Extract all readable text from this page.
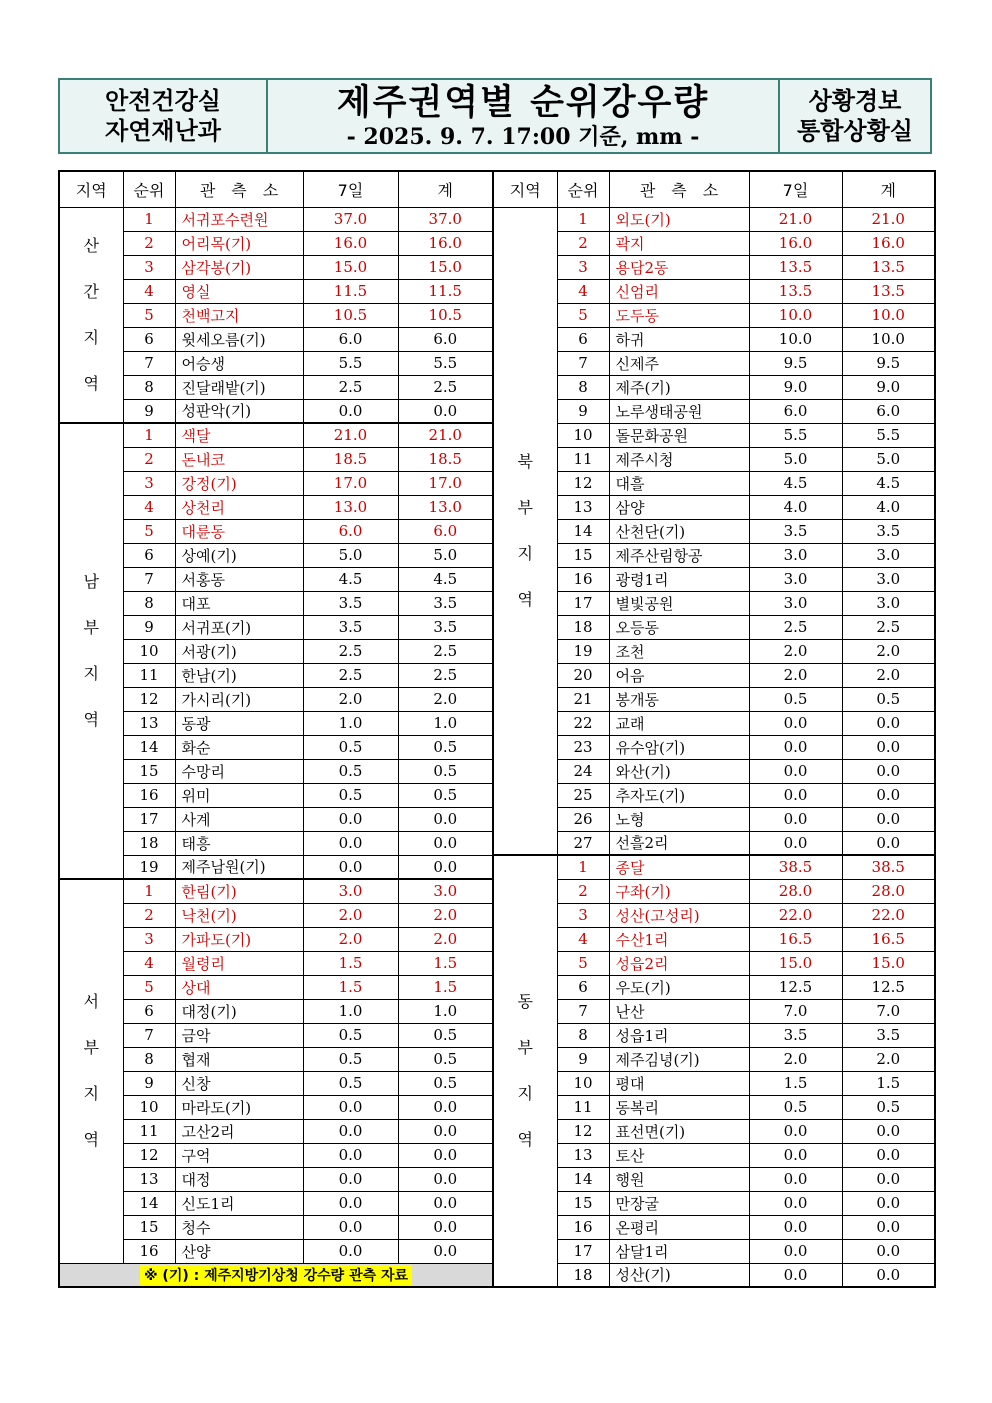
안전건강실
자연재난과
제주권역별 순위강우량
- 2025. 9. 7. 17:00 기준, mm -
상황경보
통합상황실
지역	순위	관　측　소	7일	계

산
간
지
역	1	서귀포수련원	37.0	37.0
	2	어리목(기)	16.0	16.0
	3	삼각봉(기)	15.0	15.0
	4	영실	11.5	11.5
	5	천백고지	10.5	10.5
	6	윗세오름(기)	6.0	6.0
	7	어승생	5.5	5.5
	8	진달래밭(기)	2.5	2.5
	9	성판악(기)	0.0	0.0

남
부
지
역	1	색달	21.0	21.0
	2	돈내코	18.5	18.5
	3	강정(기)	17.0	17.0
	4	상천리	13.0	13.0
	5	대륜동	6.0	6.0
	6	상예(기)	5.0	5.0
	7	서홍동	4.5	4.5
	8	대포	3.5	3.5
	9	서귀포(기)	3.5	3.5
	10	서광(기)	2.5	2.5
	11	한남(기)	2.5	2.5
	12	가시리(기)	2.0	2.0
	13	동광	1.0	1.0
	14	화순	0.5	0.5
	15	수망리	0.5	0.5
	16	위미	0.5	0.5
	17	사계	0.0	0.0
	18	태흥	0.0	0.0
	19	제주남원(기)	0.0	0.0

서
부
지
역	1	한림(기)	3.0	3.0
	2	낙천(기)	2.0	2.0
	3	가파도(기)	2.0	2.0
	4	월령리	1.5	1.5
	5	상대	1.5	1.5
	6	대정(기)	1.0	1.0
	7	금악	0.5	0.5
	8	협재	0.5	0.5
	9	신창	0.5	0.5
	10	마라도(기)	0.0	0.0
	11	고산2리	0.0	0.0
	12	구억	0.0	0.0
	13	대정	0.0	0.0
	14	신도1리	0.0	0.0
	15	청수	0.0	0.0
	16	산양	0.0	0.0
※ (기) : 제주지방기상청 강수량 관측 자료				
지역	순위	관　측　소	7일	계

북
부
지
역	1	외도(기)	21.0	21.0
	2	곽지	16.0	16.0
	3	용담2동	13.5	13.5
	4	신엄리	13.5	13.5
	5	도두동	10.0	10.0
	6	하귀	10.0	10.0
	7	신제주	9.5	9.5
	8	제주(기)	9.0	9.0
	9	노루생태공원	6.0	6.0
	10	돌문화공원	5.5	5.5
	11	제주시청	5.0	5.0
	12	대흘	4.5	4.5
	13	삼양	4.0	4.0
	14	산천단(기)	3.5	3.5
	15	제주산림항공	3.0	3.0
	16	광령1리	3.0	3.0
	17	별빛공원	3.0	3.0
	18	오등동	2.5	2.5
	19	조천	2.0	2.0
	20	어음	2.0	2.0
	21	봉개동	0.5	0.5
	22	교래	0.0	0.0
	23	유수암(기)	0.0	0.0
	24	와산(기)	0.0	0.0
	25	추자도(기)	0.0	0.0
	26	노형	0.0	0.0
	27	선흘2리	0.0	0.0

동
부
지
역	1	종달	38.5	38.5
	2	구좌(기)	28.0	28.0
	3	성산(고성리)	22.0	22.0
	4	수산1리	16.5	16.5
	5	성읍2리	15.0	15.0
	6	우도(기)	12.5	12.5
	7	난산	7.0	7.0
	8	성읍1리	3.5	3.5
	9	제주김녕(기)	2.0	2.0
	10	평대	1.5	1.5
	11	동복리	0.5	0.5
	12	표선면(기)	0.0	0.0
	13	토산	0.0	0.0
	14	행원	0.0	0.0
	15	만장굴	0.0	0.0
	16	온평리	0.0	0.0
	17	삼달1리	0.0	0.0
	18	성산(기)	0.0	0.0
